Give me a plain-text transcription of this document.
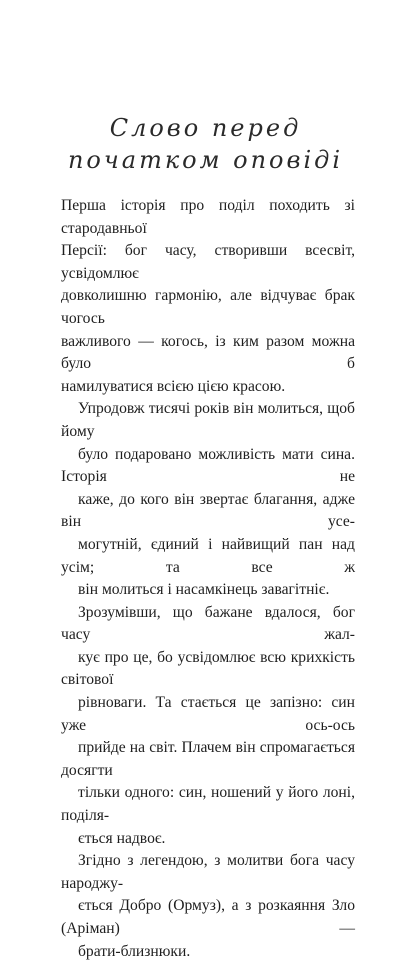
Слово перед
початком оповіді

Перша історія про поділ походить зі стародавньої
Персії: бог часу, створивши всесвіт, усвідомлює
довколишню гармонію, але відчуває брак чогось
важливого — когось, із ким разом можна було б
намилуватися всією цією красою.

Упродовж тисячі років він молиться, щоб йому
було подаровано можливість мати сина. Історія не
каже, до кого він звертає благання, адже він усе-
могутній, єдиний і найвищий пан над усім; та все ж
він молиться і насамкінець завагітніє.

Зрозумівши, що бажане вдалося, бог часу жал-
кує про це, бо усвідомлює всю крихкість світової
рівноваги. Та стається це запізно: син уже ось-ось
прийде на світ. Плачем він спромагається досягти
тільки одного: син, ношений у його лоні, поділя-
ється надвоє.

Згідно з легендою, з молитви бога часу народжу-
ється Добро (Ормуз), а з розкаяння Зло (Аріман) —
брати-близнюки.
